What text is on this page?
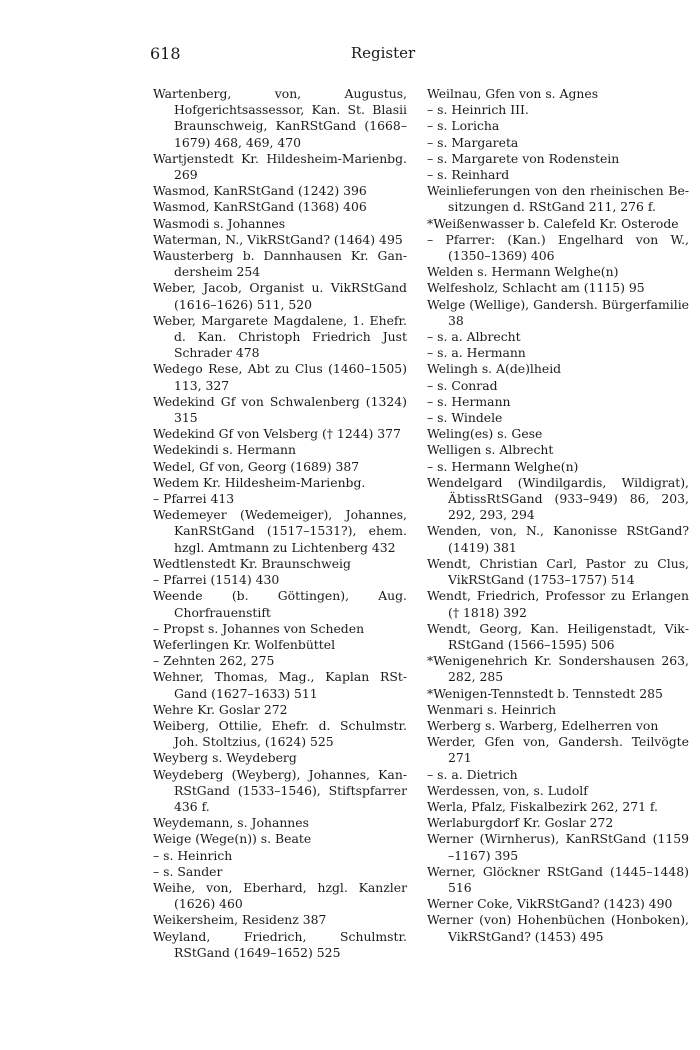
618	Register

Wartenberg, von, Augustus, Hofgerichtsassessor, Kan. St. Blasii Braunschweig, KanRStGand (1668–1679) 468, 469, 470

Wartjenstedt Kr. Hildesheim-Marienbg. 269

Wasmod, KanRStGand (1242) 396

Wasmod, KanRStGand (1368) 406

Wasmodi s. Johannes

Waterman, N., VikRStGand? (1464) 495

Wausterberg b. Dannhausen Kr. Gandersheim 254

Weber, Jacob, Organist u. VikRStGand (1616–1626) 511, 520

Weber, Margarete Magdalene, 1. Ehefr. d. Kan. Christoph Friedrich Just Schrader 478

Wedego Rese, Abt zu Clus (1460–1505) 113, 327

Wedekind Gf von Schwalenberg (1324) 315

Wedekind Gf von Velsberg († 1244) 377

Wedekindi s. Hermann

Wedel, Gf von, Georg (1689) 387

Wedem Kr. Hildesheim-Marienbg.

– Pfarrei 413

Wedemeyer (Wedemeiger), Johannes, KanRStGand (1517–1531?), ehem. hzgl. Amtmann zu Lichtenberg 432

Wedtlenstedt Kr. Braunschweig

– Pfarrei (1514) 430

Weende (b. Göttingen), Aug. Chorfrauenstift

– Propst s. Johannes von Scheden

Weferlingen Kr. Wolfenbüttel

– Zehnten 262, 275

Wehner, Thomas, Mag., Kaplan RStGand (1627–1633) 511

Wehre Kr. Goslar 272

Weiberg, Ottilie, Ehefr. d. Schulmstr. Joh. Stoltzius, (1624) 525

Weyberg s. Weydeberg

Weydeberg (Weyberg), Johannes, KanRStGand (1533–1546), Stiftspfarrer 436 f.

Weydemann, s. Johannes

Weige (Wege(n)) s. Beate

– s. Heinrich

– s. Sander

Weihe, von, Eberhard, hzgl. Kanzler (1626) 460

Weikersheim, Residenz 387

Weyland, Friedrich, Schulmstr. RStGand (1649–1652) 525

Weilnau, Gfen von s. Agnes

– s. Heinrich III.

– s. Loricha

– s. Margareta

– s. Margarete von Rodenstein

– s. Reinhard

Weinlieferungen von den rheinischen Besitzungen d. RStGand 211, 276 f.

*Weißenwasser b. Calefeld Kr. Osterode

– Pfarrer: (Kan.) Engelhard von W., (1350–1369) 406

Welden s. Hermann Welghe(n)

Welfesholz, Schlacht am (1115) 95

Welge (Wellige), Gandersh. Bürgerfamilie 38

– s. a. Albrecht

– s. a. Hermann

Welingh s. A(de)lheid

– s. Conrad

– s. Hermann

– s. Windele

Weling(es) s. Gese

Welligen s. Albrecht

– s. Hermann Welghe(n)

Wendelgard (Windilgardis, Wildigrat), ÄbtissRtSGand (933–949) 86, 203, 292, 293, 294

Wenden, von, N., Kanonisse RStGand? (1419) 381

Wendt, Christian Carl, Pastor zu Clus, VikRStGand (1753–1757) 514

Wendt, Friedrich, Professor zu Erlangen († 1818) 392

Wendt, Georg, Kan. Heiligenstadt, VikRStGand (1566–1595) 506

*Wenigenehrich Kr. Sondershausen 263, 282, 285

*Wenigen-Tennstedt b. Tennstedt 285

Wenmari s. Heinrich

Werberg s. Warberg, Edelherren von

Werder, Gfen von, Gandersh. Teilvögte 271

– s. a. Dietrich

Werdessen, von, s. Ludolf

Werla, Pfalz, Fiskalbezirk 262, 271 f.

Werlaburgdorf Kr. Goslar 272

Werner (Wirnherus), KanRStGand (1159 –1167) 395

Werner, Glöckner RStGand (1445–1448) 516

Werner Coke, VikRStGand? (1423) 490

Werner (von) Hohenbüchen (Honboken), VikRStGand? (1453) 495
